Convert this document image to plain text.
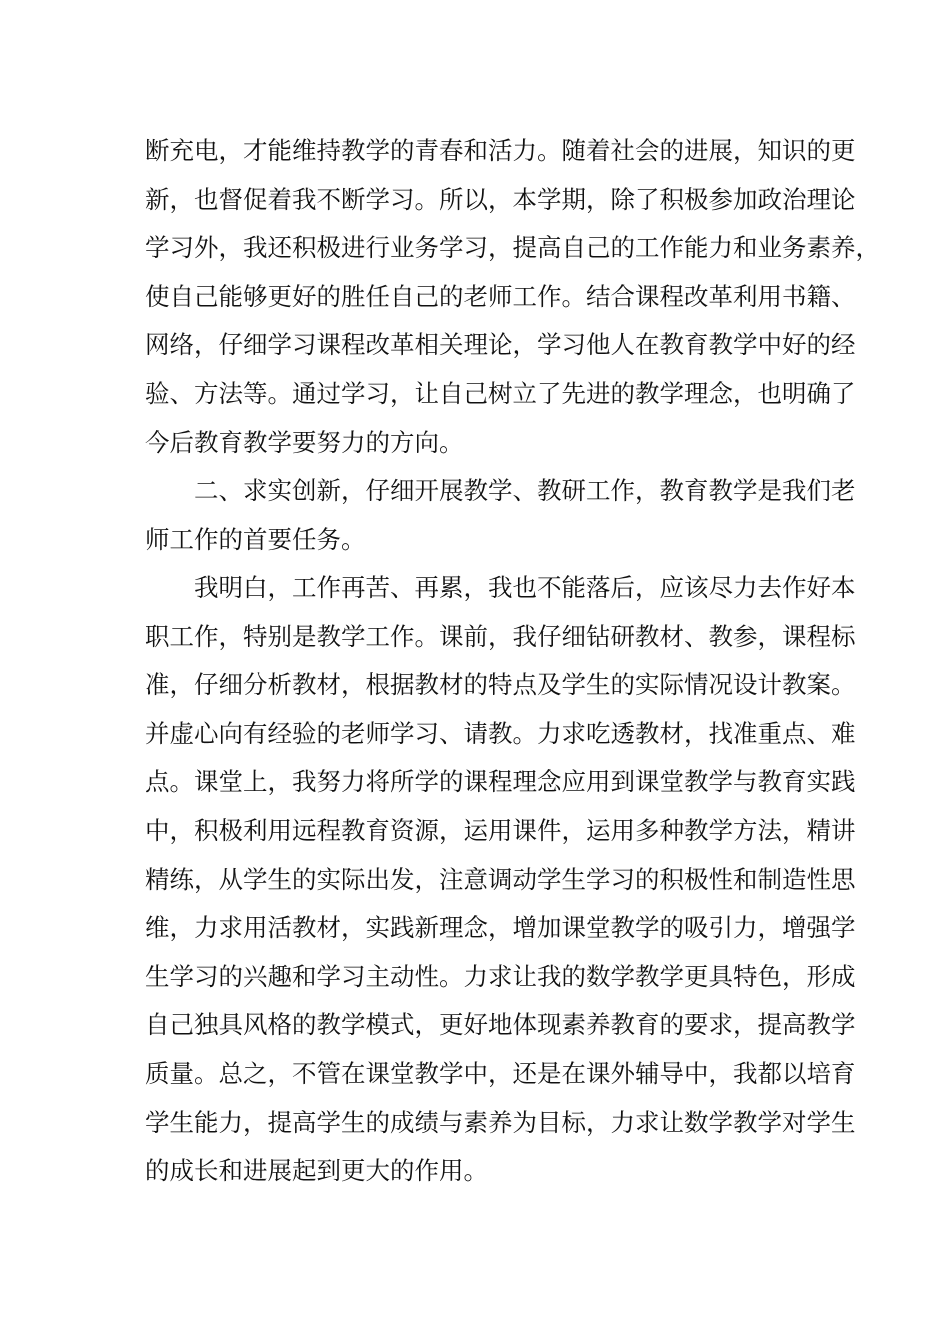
断充电，才能维持教学的青春和活力。随着社会的进展，知识的更
新，也督促着我不断学习。所以，本学期，除了积极参加政治理论
学习外，我还积极进行业务学习，提高自己的工作能力和业务素养，
使自己能够更好的胜任自己的老师工作。结合课程改革利用书籍、
网络，仔细学习课程改革相关理论，学习他人在教育教学中好的经
验、方法等。通过学习，让自己树立了先进的教学理念，也明确了
今后教育教学要努力的方向。
二、求实创新，仔细开展教学、教研工作，教育教学是我们老
师工作的首要任务。
我明白，工作再苦、再累，我也不能落后，应该尽力去作好本
职工作，特别是教学工作。课前，我仔细钻研教材、教参，课程标
准，仔细分析教材，根据教材的特点及学生的实际情况设计教案。
并虚心向有经验的老师学习、请教。力求吃透教材，找准重点、难
点。课堂上，我努力将所学的课程理念应用到课堂教学与教育实践
中，积极利用远程教育资源，运用课件，运用多种教学方法，精讲
精练，从学生的实际出发，注意调动学生学习的积极性和制造性思
维，力求用活教材，实践新理念，增加课堂教学的吸引力，增强学
生学习的兴趣和学习主动性。力求让我的数学教学更具特色，形成
自己独具风格的教学模式，更好地体现素养教育的要求，提高教学
质量。总之，不管在课堂教学中，还是在课外辅导中，我都以培育
学生能力，提高学生的成绩与素养为目标，力求让数学教学对学生
的成长和进展起到更大的作用。
